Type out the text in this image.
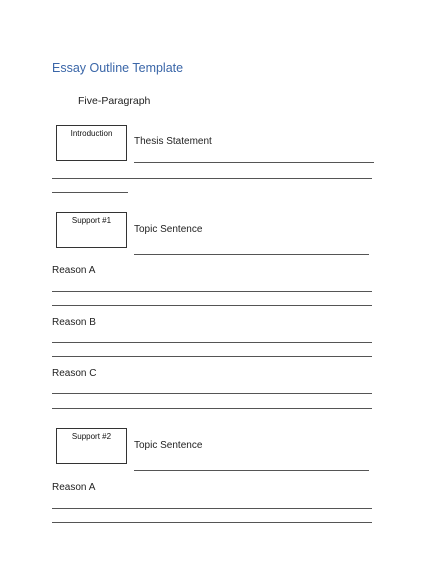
Essay Outline Template
Five-Paragraph
Introduction
Thesis Statement
Support #1
Topic Sentence
Reason A
Reason B
Reason C
Support #2
Topic Sentence
Reason A
